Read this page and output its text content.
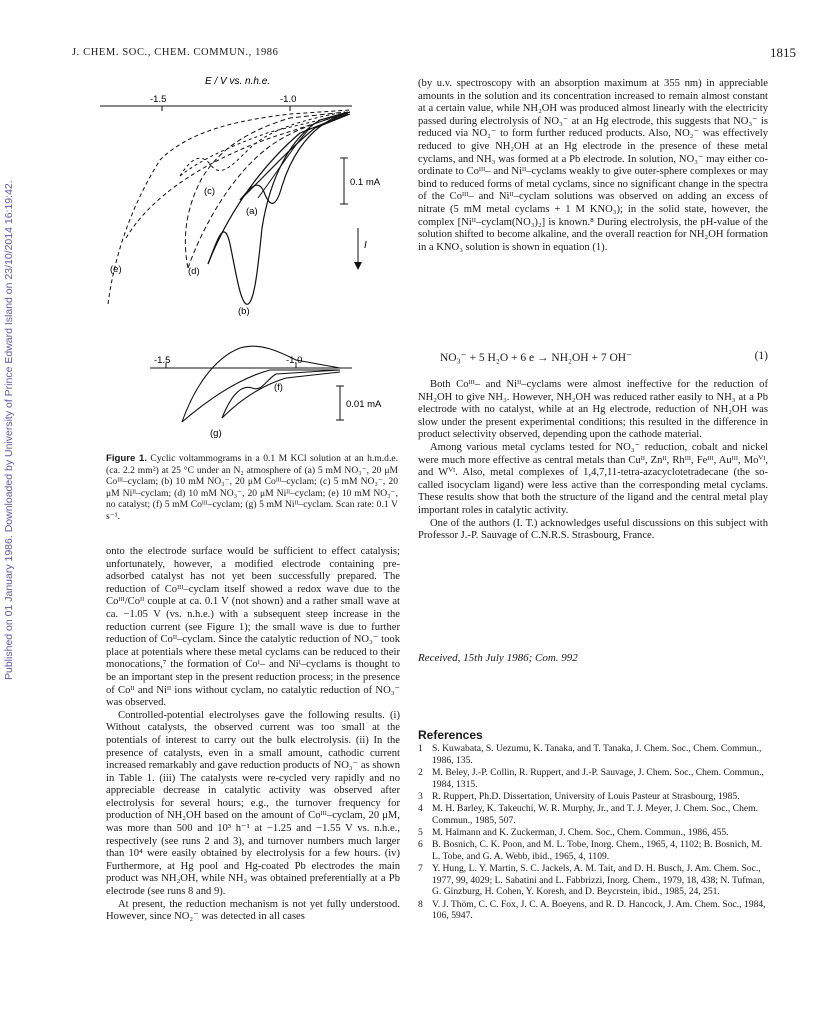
J. CHEM. SOC., CHEM. COMMUN., 1986	1815
Published on 01 January 1986. Downloaded by University of Prince Edward Island on 23/10/2014 16:19:42.
E / V vs. n.h.e.
-1.5	-1.0
(c)
(a)
(d)
(e)
(b)
0.1 mA
I
-1.5	-1.0
(f)
(g)
0.01 mA
Figure 1. Cyclic voltammograms in a 0.1 M KCl solution at an h.m.d.e. (ca. 2.2 mm²) at 25 °C under an N₂ atmosphere of (a) 5 mM NO₃⁻, 20 μM Coᴵᴵᴵ–cyclam; (b) 10 mM NO₃⁻, 20 μM Coᴵᴵᴵ–cyclam; (c) 5 mM NO₃⁻, 20 μM Niᴵᴵ–cyclam; (d) 10 mM NO₃⁻, 20 μM Niᴵᴵ–cyclam; (e) 10 mM NO₃⁻, no catalyst; (f) 5 mM Coᴵᴵᴵ–cyclam; (g) 5 mM Niᴵᴵ–cyclam. Scan rate: 0.1 V s⁻¹.

onto the electrode surface would be sufficient to effect catalysis; unfortunately, however, a modified electrode containing pre-adsorbed catalyst has not yet been successfully prepared. The reduction of Coᴵᴵᴵ–cyclam itself showed a redox wave due to the Coᴵᴵᴵ/Coᴵᴵ couple at ca. 0.1 V (not shown) and a rather small wave at ca. −1.05 V (vs. n.h.e.) with a subsequent steep increase in the reduction current (see Figure 1); the small wave is due to further reduction of Coᴵᴵ–cyclam. Since the catalytic reduction of NO₃⁻ took place at potentials where these metal cyclams can be reduced to their monocations,⁷ the formation of Coᴵ– and Niᴵ–cyclams is thought to be an important step in the present reduction process; in the presence of Coᴵᴵ and Niᴵᴵ ions without cyclam, no catalytic reduction of NO₃⁻ was observed.

Controlled-potential electrolyses gave the following results. (i) Without catalysts, the observed current was too small at the potentials of interest to carry out the bulk electrolysis. (ii) In the presence of catalysts, even in a small amount, cathodic current increased remarkably and gave reduction products of NO₃⁻ as shown in Table 1. (iii) The catalysts were re-cycled very rapidly and no appreciable decrease in catalytic activity was observed after electrolysis for several hours; e.g., the turnover frequency for production of NH₂OH based on the amount of Coᴵᴵᴵ–cyclam, 20 μM, was more than 500 and 10³ h⁻¹ at −1.25 and −1.55 V vs. n.h.e., respectively (see runs 2 and 3), and turnover numbers much larger than 10⁴ were easily obtained by electrolysis for a few hours. (iv) Furthermore, at Hg pool and Hg-coated Pb electrodes the main product was NH₂OH, while NH₃ was obtained preferentially at a Pb electrode (see runs 8 and 9).

At present, the reduction mechanism is not yet fully understood. However, since NO₂⁻ was detected in all cases

(by u.v. spectroscopy with an absorption maximum at 355 nm) in appreciable amounts in the solution and its concentration increased to remain almost constant at a certain value, while NH₂OH was produced almost linearly with the electricity passed during electrolysis of NO₃⁻ at an Hg electrode, this suggests that NO₃⁻ is reduced via NO₂⁻ to form further reduced products. Also, NO₂⁻ was effectively reduced to give NH₂OH at an Hg electrode in the presence of these metal cyclams, and NH₃ was formed at a Pb electrode. In solution, NO₃⁻ may either co-ordinate to Coᴵᴵᴵ– and Niᴵᴵ–cyclams weakly to give outer-sphere complexes or may bind to reduced forms of metal cyclams, since no significant change in the spectra of the Coᴵᴵᴵ– and Niᴵᴵ–cyclam solutions was observed on adding an excess of nitrate (5 mM metal cyclams + 1 M KNO₃); in the solid state, however, the complex [Niᴵᴵ–cyclam(NO₃)₂] is known.⁸ During electrolysis, the pH-value of the solution shifted to become alkaline, and the overall reaction for NH₂OH formation in a KNO₃ solution is shown in equation (1).

NO₃⁻ + 5 H₂O + 6 e → NH₂OH + 7 OH⁻	(1)

Both Coᴵᴵᴵ– and Niᴵᴵ–cyclams were almost ineffective for the reduction of NH₂OH to give NH₃. However, NH₂OH was reduced rather easily to NH₃ at a Pb electrode with no catalyst, while at an Hg electrode, reduction of NH₂OH was slow under the present experimental conditions; this resulted in the difference in product selectivity observed, depending upon the cathode material.

Among various metal cyclams tested for NO₃⁻ reduction, cobalt and nickel were much more effective as central metals than Cuᴵᴵ, Znᴵᴵ, Rhᴵᴵᴵ, Feᴵᴵᴵ, Auᴵᴵᴵ, Moⱽᴵ, and Wⱽᴵ. Also, metal complexes of 1,4,7,11-tetra-azacyclotetradecane (the so-called isocyclam ligand) were less active than the corresponding metal cyclams. These results show that both the structure of the ligand and the central metal play important roles in catalytic activity.

One of the authors (I. T.) acknowledges useful discussions on this subject with Professor J.-P. Sauvage of C.N.R.S. Strasbourg, France.

Received, 15th July 1986; Com. 992
References
1 S. Kuwabata, S. Uezumu, K. Tanaka, and T. Tanaka, J. Chem. Soc., Chem. Commun., 1986, 135.
2 M. Beley, J.-P. Collin, R. Ruppert, and J.-P. Sauvage, J. Chem. Soc., Chem. Commun., 1984, 1315.
3 R. Ruppert, Ph.D. Dissertation, University of Louis Pasteur at Strasbourg, 1985.
4 M. H. Barley, K. Takeuchi, W. R. Murphy, Jr., and T. J. Meyer, J. Chem. Soc., Chem. Commun., 1985, 507.
5 M. Halmann and K. Zuckerman, J. Chem. Soc., Chem. Commun., 1986, 455.
6 B. Bosnich, C. K. Poon, and M. L. Tobe, Inorg. Chem., 1965, 4, 1102; B. Bosnich, M. L. Tobe, and G. A. Webb, ibid., 1965, 4, 1109.
7 Y. Hung, L. Y. Martin, S. C. Jackels, A. M. Tait, and D. H. Busch, J. Am. Chem. Soc., 1977, 99, 4029; L. Sabatini and L. Fabbrizzi, Inorg. Chem., 1979, 18, 438; N. Tufman, G. Ginzburg, H. Cohen, Y. Koresh, and D. Beycrstein, ibid., 1985, 24, 251.
8 V. J. Thöm, C. C. Fox, J. C. A. Boeyens, and R. D. Hancock, J. Am. Chem. Soc., 1984, 106, 5947.
